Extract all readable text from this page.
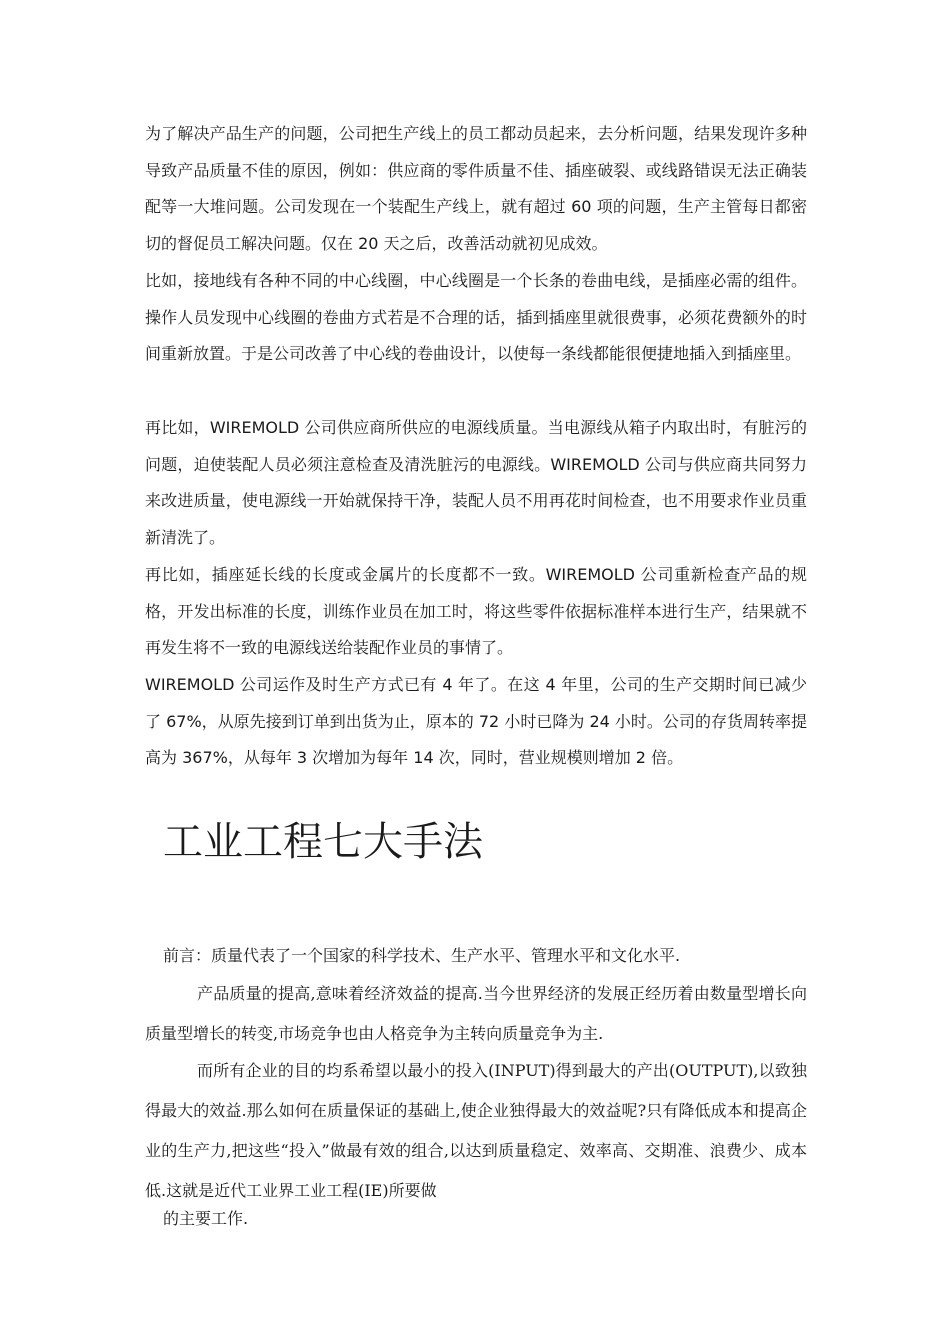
为了解决产品生产的问题，公司把生产线上的员工都动员起来，去分析问题，结果发现许多种导致产品质量不佳的原因，例如：供应商的零件质量不佳、插座破裂、或线路错误无法正确装配等一大堆问题。公司发现在一个装配生产线上，就有超过 60 项的问题，生产主管每日都密切的督促员工解决问题。仅在 20 天之后，改善活动就初见成效。

比如，接地线有各种不同的中心线圈，中心线圈是一个长条的卷曲电线，是插座必需的组件。操作人员发现中心线圈的卷曲方式若是不合理的话，插到插座里就很费事，必须花费额外的时间重新放置。于是公司改善了中心线的卷曲设计，以使每一条线都能很便捷地插入到插座里。

再比如，WIREMOLD 公司供应商所供应的电源线质量。当电源线从箱子内取出时，有脏污的问题，迫使装配人员必须注意检查及清洗脏污的电源线。WIREMOLD 公司与供应商共同努力来改进质量，使电源线一开始就保持干净，装配人员不用再花时间检查，也不用要求作业员重新清洗了。

再比如，插座延长线的长度或金属片的长度都不一致。WIREMOLD 公司重新检查产品的规格，开发出标准的长度，训练作业员在加工时，将这些零件依据标准样本进行生产，结果就不再发生将不一致的电源线送给装配作业员的事情了。

WIREMOLD 公司运作及时生产方式已有 4 年了。在这 4 年里，公司的生产交期时间已减少了 67%，从原先接到订单到出货为止，原本的 72 小时已降为 24 小时。公司的存货周转率提高为 367%，从每年 3 次增加为每年 14 次，同时，营业规模则增加 2 倍。

工业工程七大手法

前言：质量代表了一个国家的科学技术、生产水平、管理水平和文化水平.

产品质量的提高,意味着经济效益的提高.当今世界经济的发展正经历着由数量型增长向质量型增长的转变,市场竞争也由人格竞争为主转向质量竞争为主.

而所有企业的目的均系希望以最小的投入(INPUT)得到最大的产出(OUTPUT),以致独得最大的效益.那么如何在质量保证的基础上,使企业独得最大的效益呢?只有降低成本和提高企业的生产力,把这些“投入”做最有效的组合,以达到质量稳定、效率高、交期准、浪费少、成本低.这就是近代工业界工业工程(IE)所要做

的主要工作.
